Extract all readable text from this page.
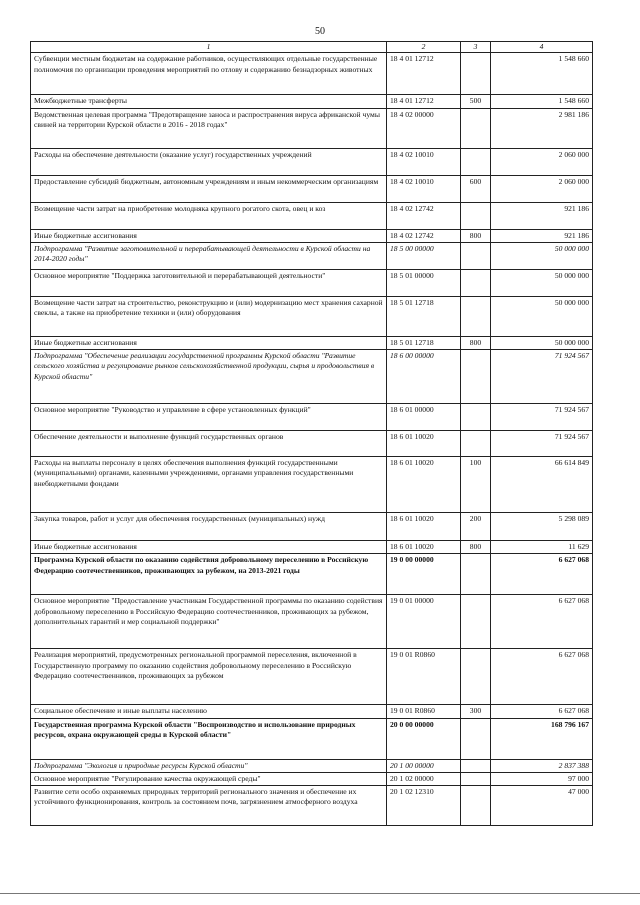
50
1	2	3	4
Субвенции местным бюджетам на содержание работников, осуществляющих отдельные государственные полномочия по организации проведения мероприятий по отлову и содержанию безнадзорных животных	18 4 01 12712		1 548 660
Межбюджетные трансферты	18 4 01 12712	500	1 548 660
Ведомственная целевая программа "Предотвращение заноса и распространения вируса африканской чумы свиней на территории Курской области в 2016 - 2018 годах"	18 4 02 00000		2 981 186
Расходы на обеспечение деятельности (оказание услуг) государственных учреждений	18 4 02 10010		2 060 000
Предоставление субсидий бюджетным, автономным учреждениям и иным некоммерческим организациям	18 4 02 10010	600	2 060 000
Возмещение части затрат на приобретение молодняка крупного рогатого скота, овец и коз	18 4 02 12742		921 186
Иные бюджетные ассигнования	18 4 02 12742	800	921 186
Подпрограмма "Развитие заготовительной и перерабатывающей деятельности в Курской области на 2014-2020 годы"	18 5 00 00000		50 000 000
Основное мероприятие "Поддержка заготовительной и перерабатывающей деятельности"	18 5 01 00000		50 000 000
Возмещение части затрат на строительство, реконструкцию и (или) модернизацию мест хранения сахарной свеклы, а также на приобретение техники и (или) оборудования	18 5 01 12718		50 000 000
Иные бюджетные ассигнования	18 5 01 12718	800	50 000 000
Подпрограмма "Обеспечение реализации государственной программы Курской области "Развитие сельского хозяйства и регулирование рынков сельскохозяйственной продукции, сырья и продовольствия в Курской области"	18 6 00 00000		71 924 567
Основное мероприятие "Руководство и управление в сфере установленных функций"	18 6 01 00000		71 924 567
Обеспечение деятельности и выполнение функций государственных органов	18 6 01 10020		71 924 567
Расходы на выплаты персоналу в целях обеспечения выполнения функций государственными (муниципальными) органами, казенными учреждениями, органами управления государственными внебюджетными фондами	18 6 01 10020	100	66 614 849
Закупка товаров, работ и услуг для обеспечения государственных (муниципальных) нужд	18 6 01 10020	200	5 298 089
Иные бюджетные ассигнования	18 6 01 10020	800	11 629
Программа Курской области по оказанию содействия добровольному переселению в Российскую Федерацию соотечественников, проживающих за рубежом, на 2013-2021 годы	19 0 00 00000		6 627 068
Основное мероприятие "Предоставление участникам Государственной программы по оказанию содействия добровольному переселению в Российскую Федерацию соотечественников, проживающих за рубежом, дополнительных гарантий и мер социальной поддержки"	19 0 01 00000		6 627 068
Реализация мероприятий, предусмотренных региональной программой переселения, включенной в Государственную программу по оказанию содействия добровольному переселению в Российскую Федерацию соотечественников, проживающих за рубежом	19 0 01 R0860		6 627 068
Социальное обеспечение и иные выплаты населению	19 0 01 R0860	300	6 627 068
Государственная программа Курской области "Воспроизводство и использование природных ресурсов, охрана окружающей среды в Курской области"	20 0 00 00000		168 796 167
Подпрограмма "Экология и природные ресурсы Курской области"	20 1 00 00000		2 837 388
Основное мероприятие "Регулирование качества окружающей среды"	20 1 02 00000		97 000
Развитие сети особо охраняемых природных территорий регионального значения и обеспечение их устойчивого функционирования, контроль за состоянием почв, загрязнением атмосферного воздуха	20 1 02 12310		47 000
